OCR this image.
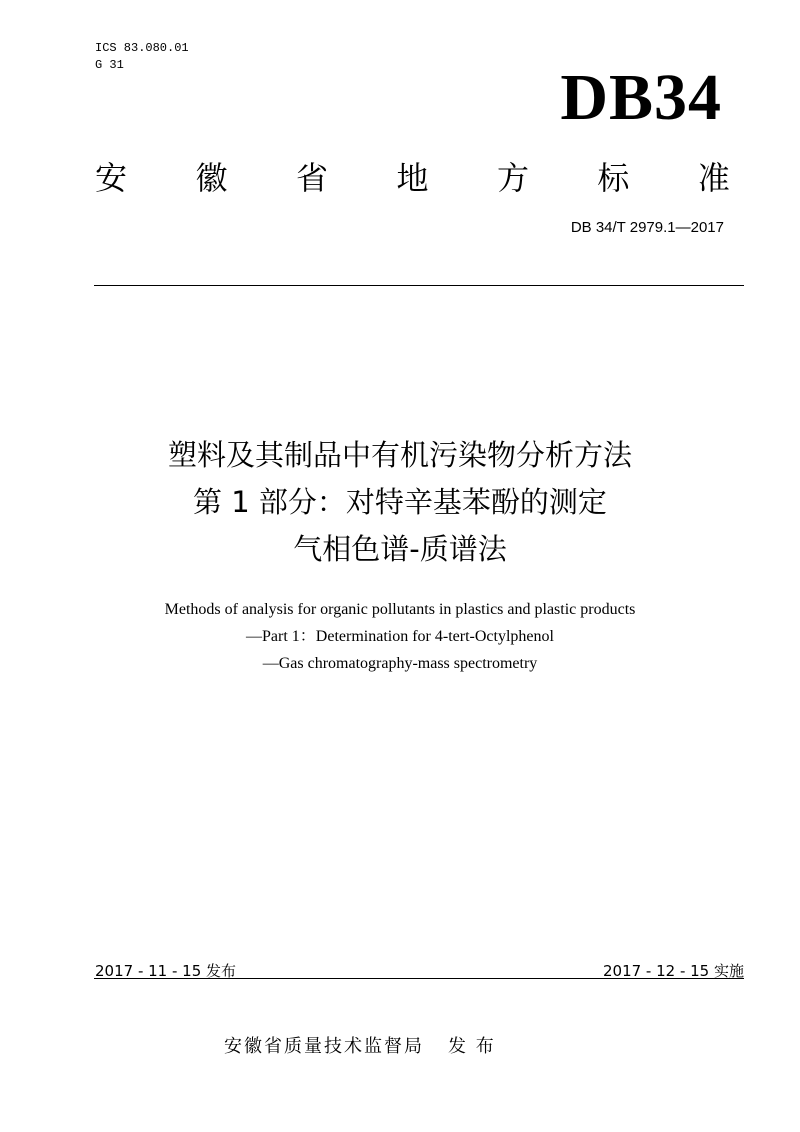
ICS 83.080.01
G 31	DB34
安 徽 省 地 方 标 准
DB 34/T 2979.1—2017
塑料及其制品中有机污染物分析方法
第 1 部分：对特辛基苯酚的测定
气相色谱-质谱法
Methods of analysis for organic pollutants in plastics and plastic products
—Part 1：Determination for 4-tert-Octylphenol
—Gas chromatography-mass spectrometry
2017 - 11 - 15 发布	2017 - 12 - 15 实施
安徽省质量技术监督局 发 布
